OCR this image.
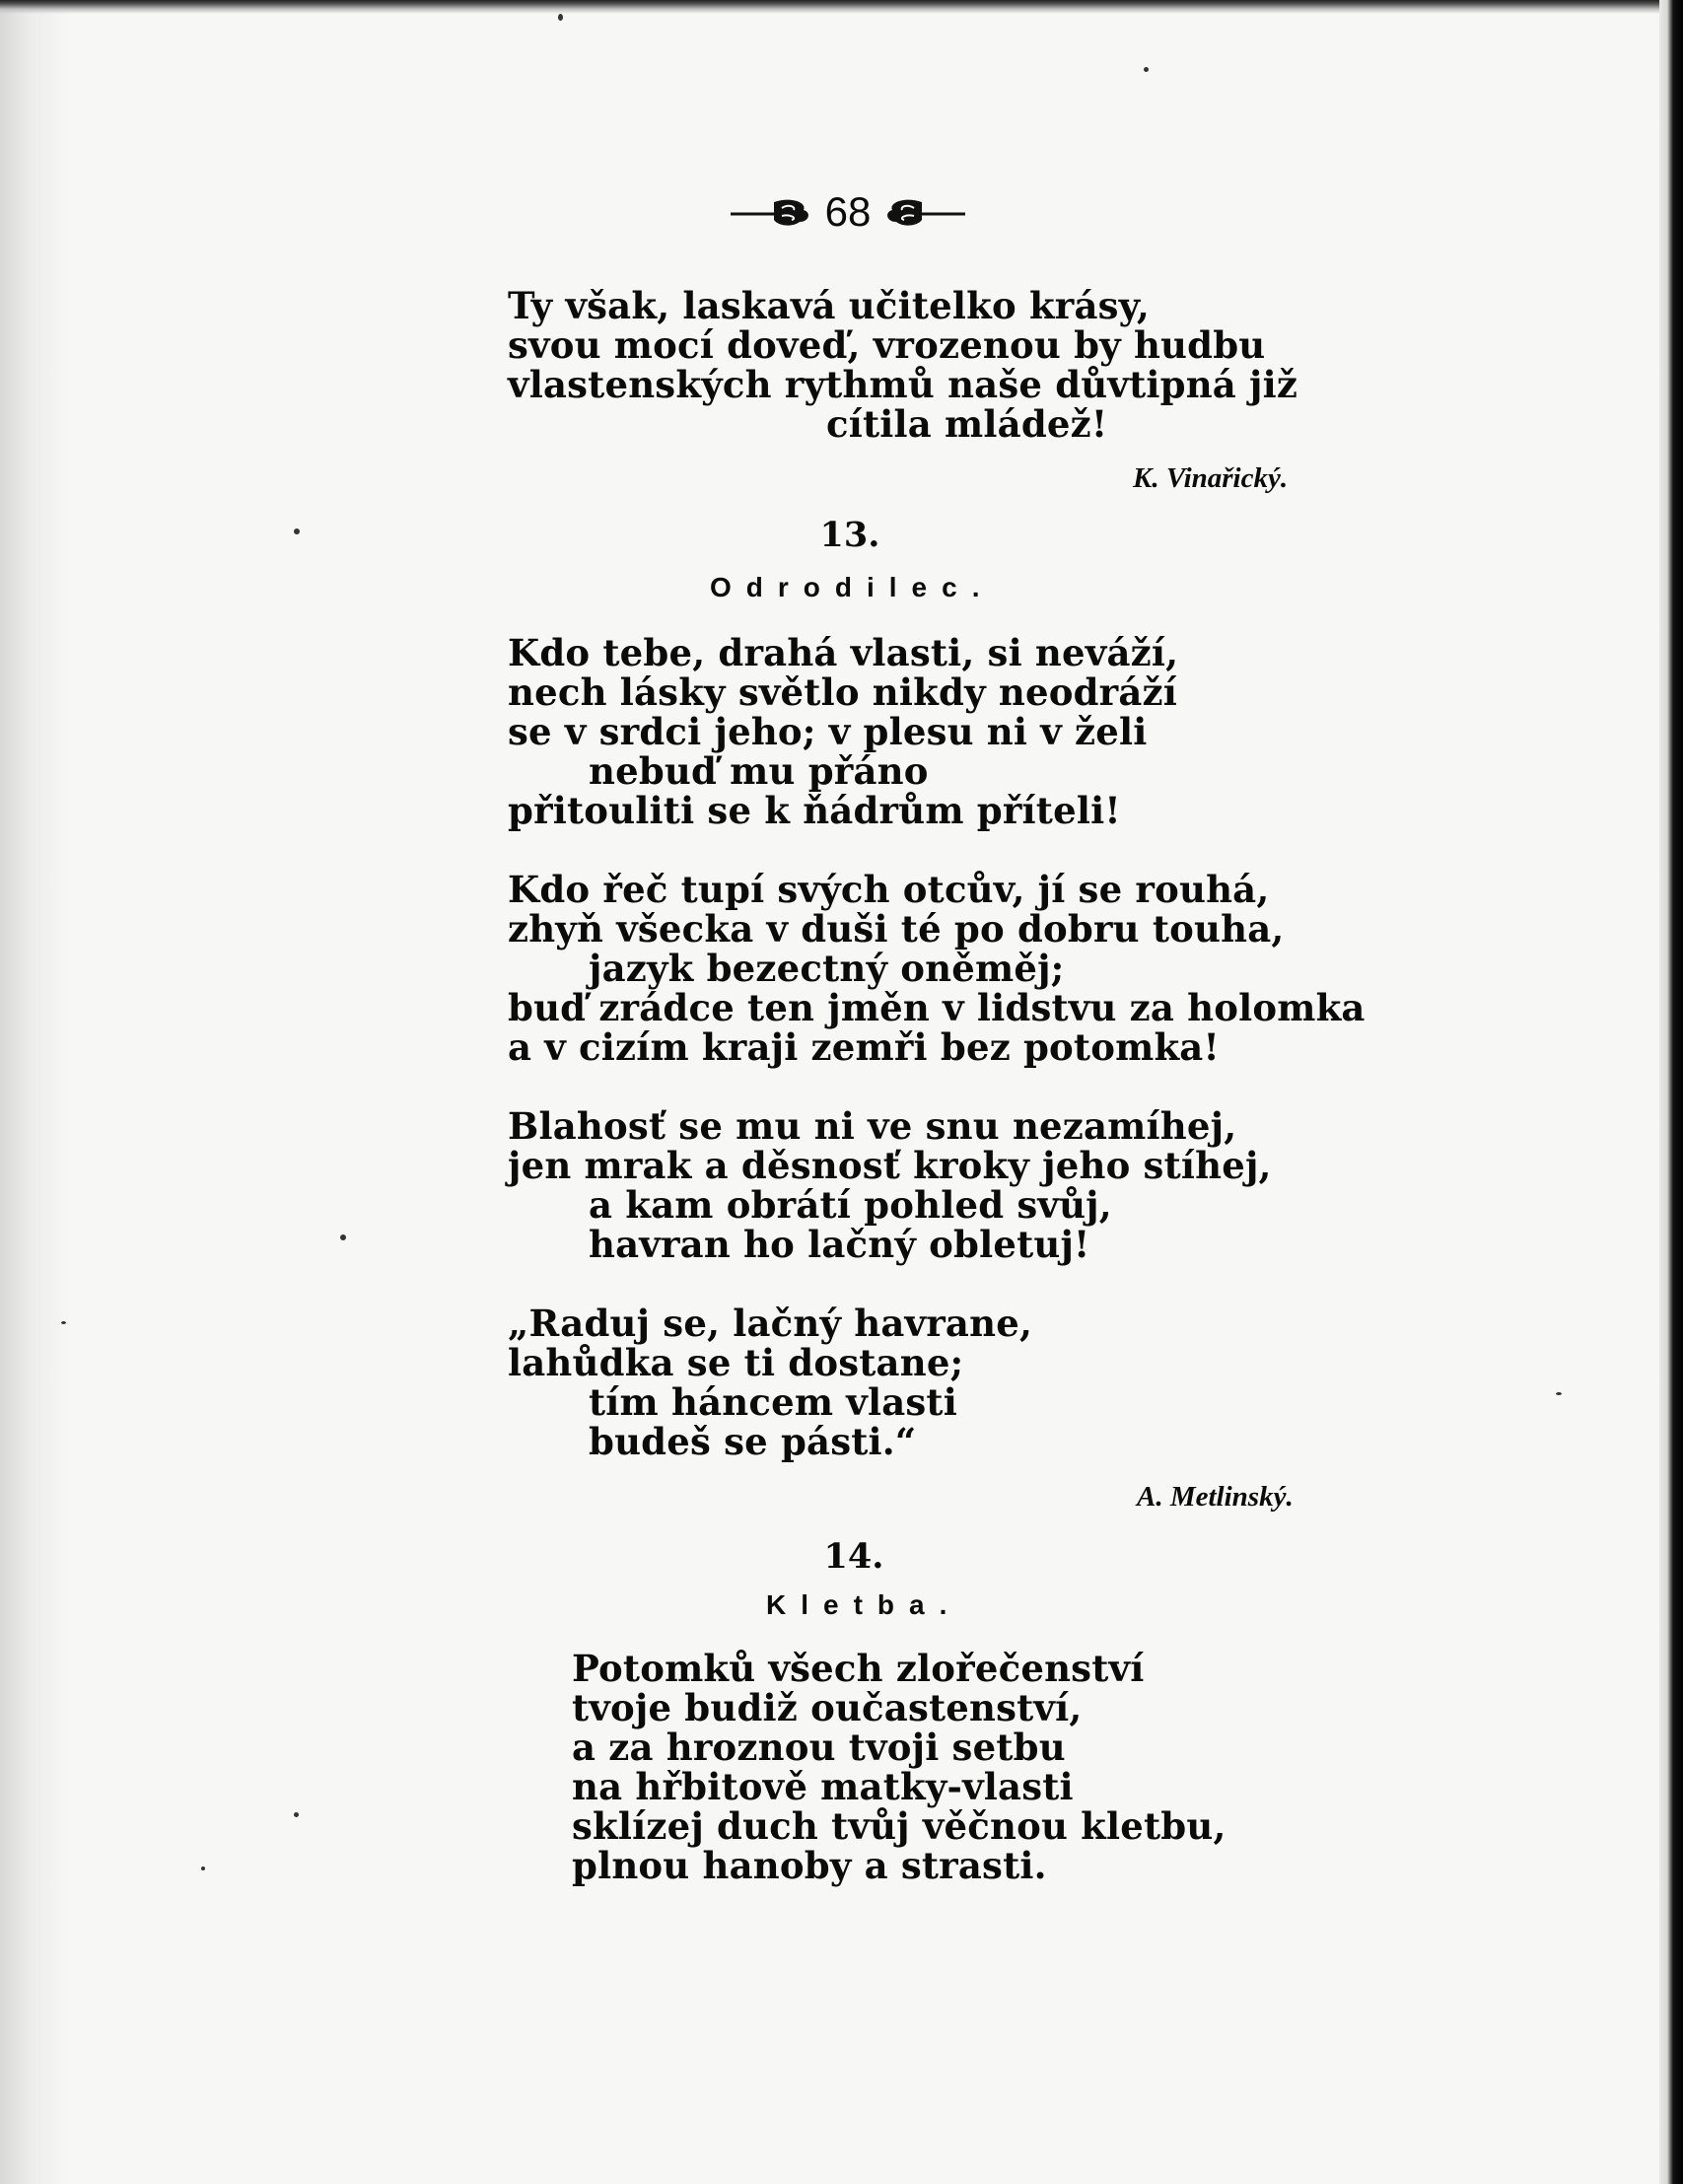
68
Ty však, laskavá učitelko krásy,
svou mocí doveď, vrozenou by hudbu
vlastenských rythmů naše důvtipná již
cítila mládež!
K. Vinařický.
13.
Odrodilec.
Kdo tebe, drahá vlasti, si neváží,
nech lásky světlo nikdy neodráží
se v srdci jeho; v plesu ni v želi
nebuď mu přáno
přitouliti se k ňádrům příteli!
Kdo řeč tupí svých otcův, jí se rouhá,
zhyň všecka v duši té po dobru touha,
jazyk bezectný oněměj;
buď zrádce ten jměn v lidstvu za holomka
a v cizím kraji zemři bez potomka!
Blahosť se mu ni ve snu nezamíhej,
jen mrak a děsnosť kroky jeho stíhej,
a kam obrátí pohled svůj,
havran ho lačný obletuj!
„Raduj se, lačný havrane,
lahůdka se ti dostane;
tím háncem vlasti
budeš se pásti.“
A. Metlinský.
14.
Kletba.
Potomků všech zlořečenství
tvoje budiž oučastenství,
a za hroznou tvoji setbu
na hřbitově matky-vlasti
sklízej duch tvůj věčnou kletbu,
plnou hanoby a strasti.
